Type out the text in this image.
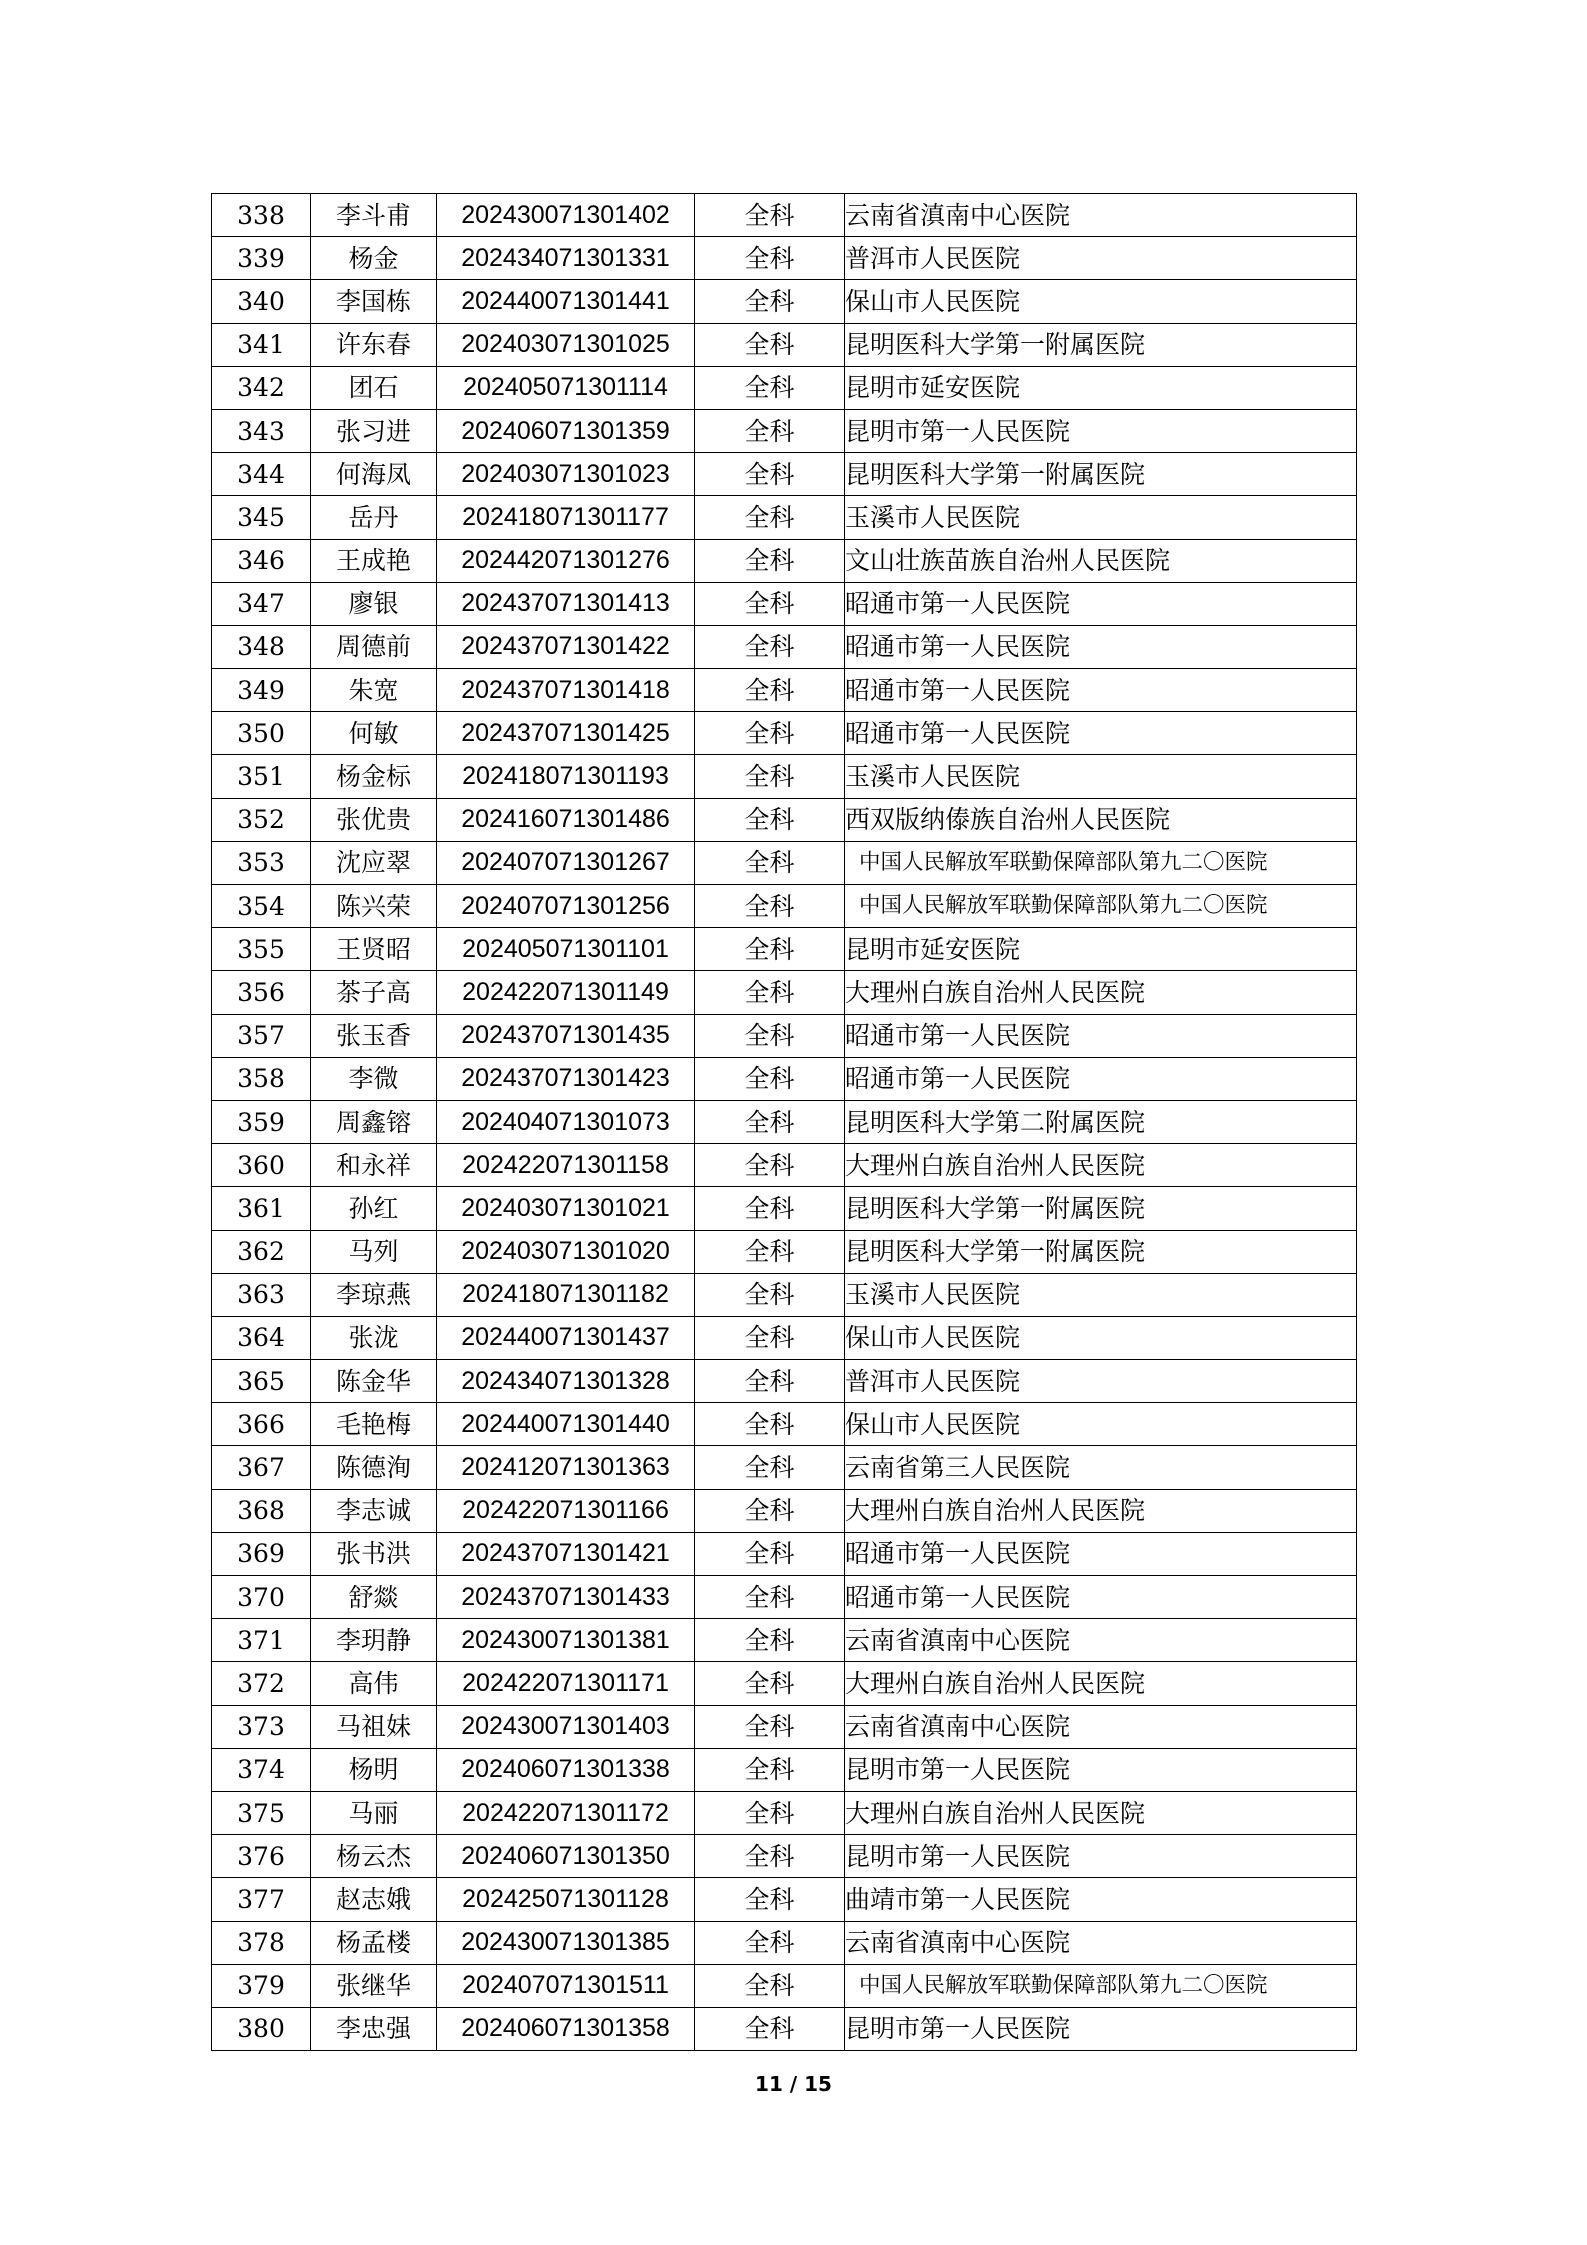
338	李斗甫	202430071301402	全科	云南省滇南中心医院
339	杨金	202434071301331	全科	普洱市人民医院
340	李国栋	202440071301441	全科	保山市人民医院
341	许东春	202403071301025	全科	昆明医科大学第一附属医院
342	团石	202405071301114	全科	昆明市延安医院
343	张习进	202406071301359	全科	昆明市第一人民医院
344	何海凤	202403071301023	全科	昆明医科大学第一附属医院
345	岳丹	202418071301177	全科	玉溪市人民医院
346	王成艳	202442071301276	全科	文山壮族苗族自治州人民医院
347	廖银	202437071301413	全科	昭通市第一人民医院
348	周德前	202437071301422	全科	昭通市第一人民医院
349	朱宽	202437071301418	全科	昭通市第一人民医院
350	何敏	202437071301425	全科	昭通市第一人民医院
351	杨金标	202418071301193	全科	玉溪市人民医院
352	张优贵	202416071301486	全科	西双版纳傣族自治州人民医院
353	沈应翠	202407071301267	全科	中国人民解放军联勤保障部队第九二〇医院
354	陈兴荣	202407071301256	全科	中国人民解放军联勤保障部队第九二〇医院
355	王贤昭	202405071301101	全科	昆明市延安医院
356	茶子高	202422071301149	全科	大理州白族自治州人民医院
357	张玉香	202437071301435	全科	昭通市第一人民医院
358	李微	202437071301423	全科	昭通市第一人民医院
359	周鑫镕	202404071301073	全科	昆明医科大学第二附属医院
360	和永祥	202422071301158	全科	大理州白族自治州人民医院
361	孙红	202403071301021	全科	昆明医科大学第一附属医院
362	马列	202403071301020	全科	昆明医科大学第一附属医院
363	李琼燕	202418071301182	全科	玉溪市人民医院
364	张泷	202440071301437	全科	保山市人民医院
365	陈金华	202434071301328	全科	普洱市人民医院
366	毛艳梅	202440071301440	全科	保山市人民医院
367	陈德洵	202412071301363	全科	云南省第三人民医院
368	李志诚	202422071301166	全科	大理州白族自治州人民医院
369	张书洪	202437071301421	全科	昭通市第一人民医院
370	舒燚	202437071301433	全科	昭通市第一人民医院
371	李玥静	202430071301381	全科	云南省滇南中心医院
372	高伟	202422071301171	全科	大理州白族自治州人民医院
373	马祖妹	202430071301403	全科	云南省滇南中心医院
374	杨明	202406071301338	全科	昆明市第一人民医院
375	马丽	202422071301172	全科	大理州白族自治州人民医院
376	杨云杰	202406071301350	全科	昆明市第一人民医院
377	赵志娥	202425071301128	全科	曲靖市第一人民医院
378	杨孟楼	202430071301385	全科	云南省滇南中心医院
379	张继华	202407071301511	全科	中国人民解放军联勤保障部队第九二〇医院
380	李忠强	202406071301358	全科	昆明市第一人民医院
11 / 15
